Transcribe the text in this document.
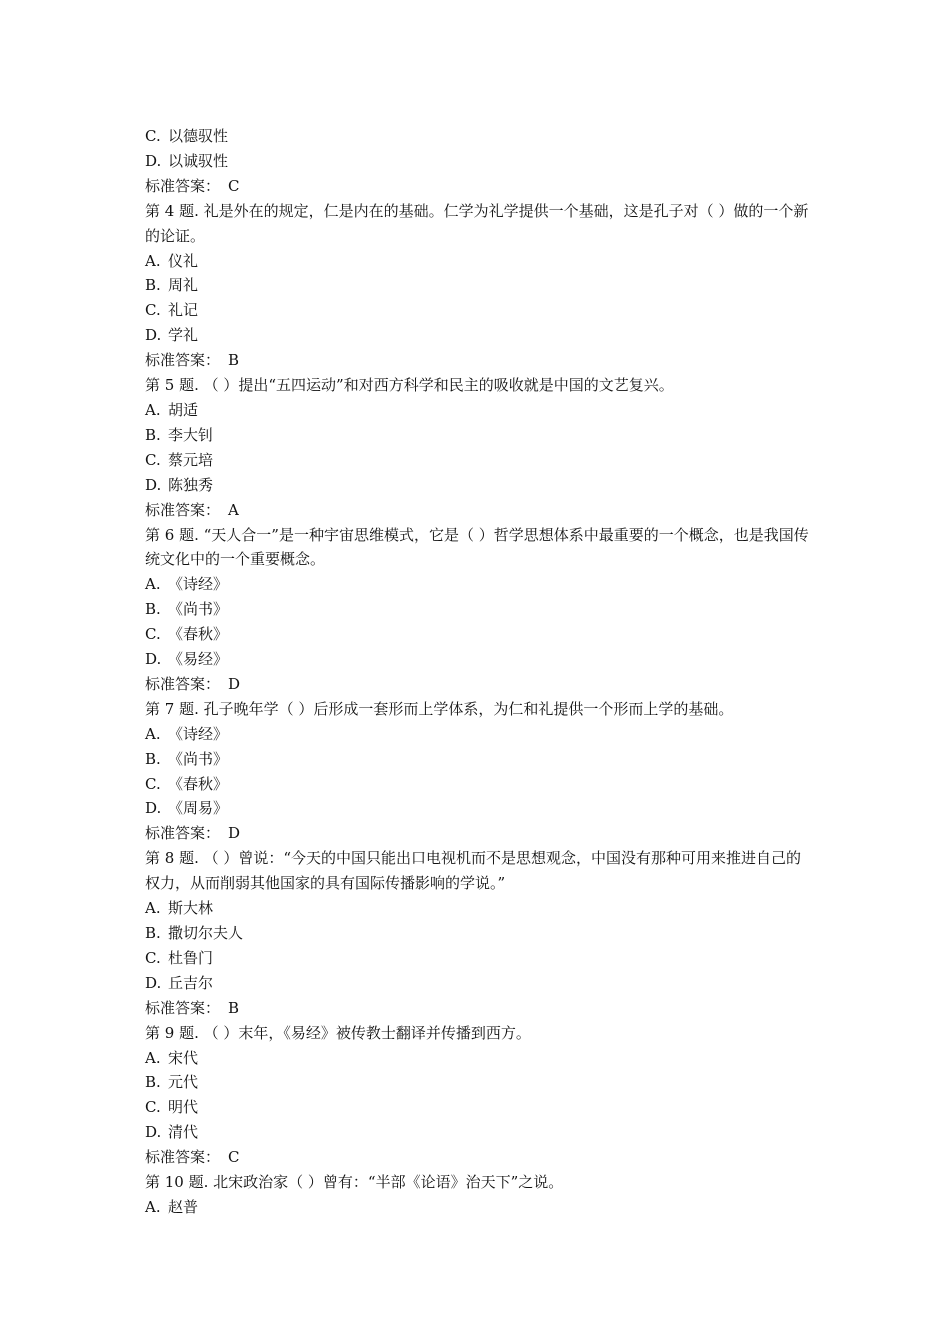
C. 以德驭性
D. 以诚驭性
标准答案： C
第 4 题. 礼是外在的规定，仁是内在的基础。仁学为礼学提供一个基础，这是孔子对（ ）做的一个新的论证。
A. 仪礼
B. 周礼
C. 礼记
D. 学礼
标准答案： B
第 5 题. （ ）提出“五四运动”和对西方科学和民主的吸收就是中国的文艺复兴。
A. 胡适
B. 李大钊
C. 蔡元培
D. 陈独秀
标准答案： A
第 6 题. “天人合一”是一种宇宙思维模式，它是（ ）哲学思想体系中最重要的一个概念，也是我国传统文化中的一个重要概念。
A. 《诗经》
B. 《尚书》
C. 《春秋》
D. 《易经》
标准答案： D
第 7 题. 孔子晚年学（ ）后形成一套形而上学体系，为仁和礼提供一个形而上学的基础。
A. 《诗经》
B. 《尚书》
C. 《春秋》
D. 《周易》
标准答案： D
第 8 题. （ ）曾说：“今天的中国只能出口电视机而不是思想观念，中国没有那种可用来推进自己的权力，从而削弱其他国家的具有国际传播影响的学说。”
A. 斯大林
B. 撒切尔夫人
C. 杜鲁门
D. 丘吉尔
标准答案： B
第 9 题. （ ）末年，《易经》被传教士翻译并传播到西方。
A. 宋代
B. 元代
C. 明代
D. 清代
标准答案： C
第 10 题. 北宋政治家（ ）曾有：“半部《论语》治天下”之说。
A. 赵普
